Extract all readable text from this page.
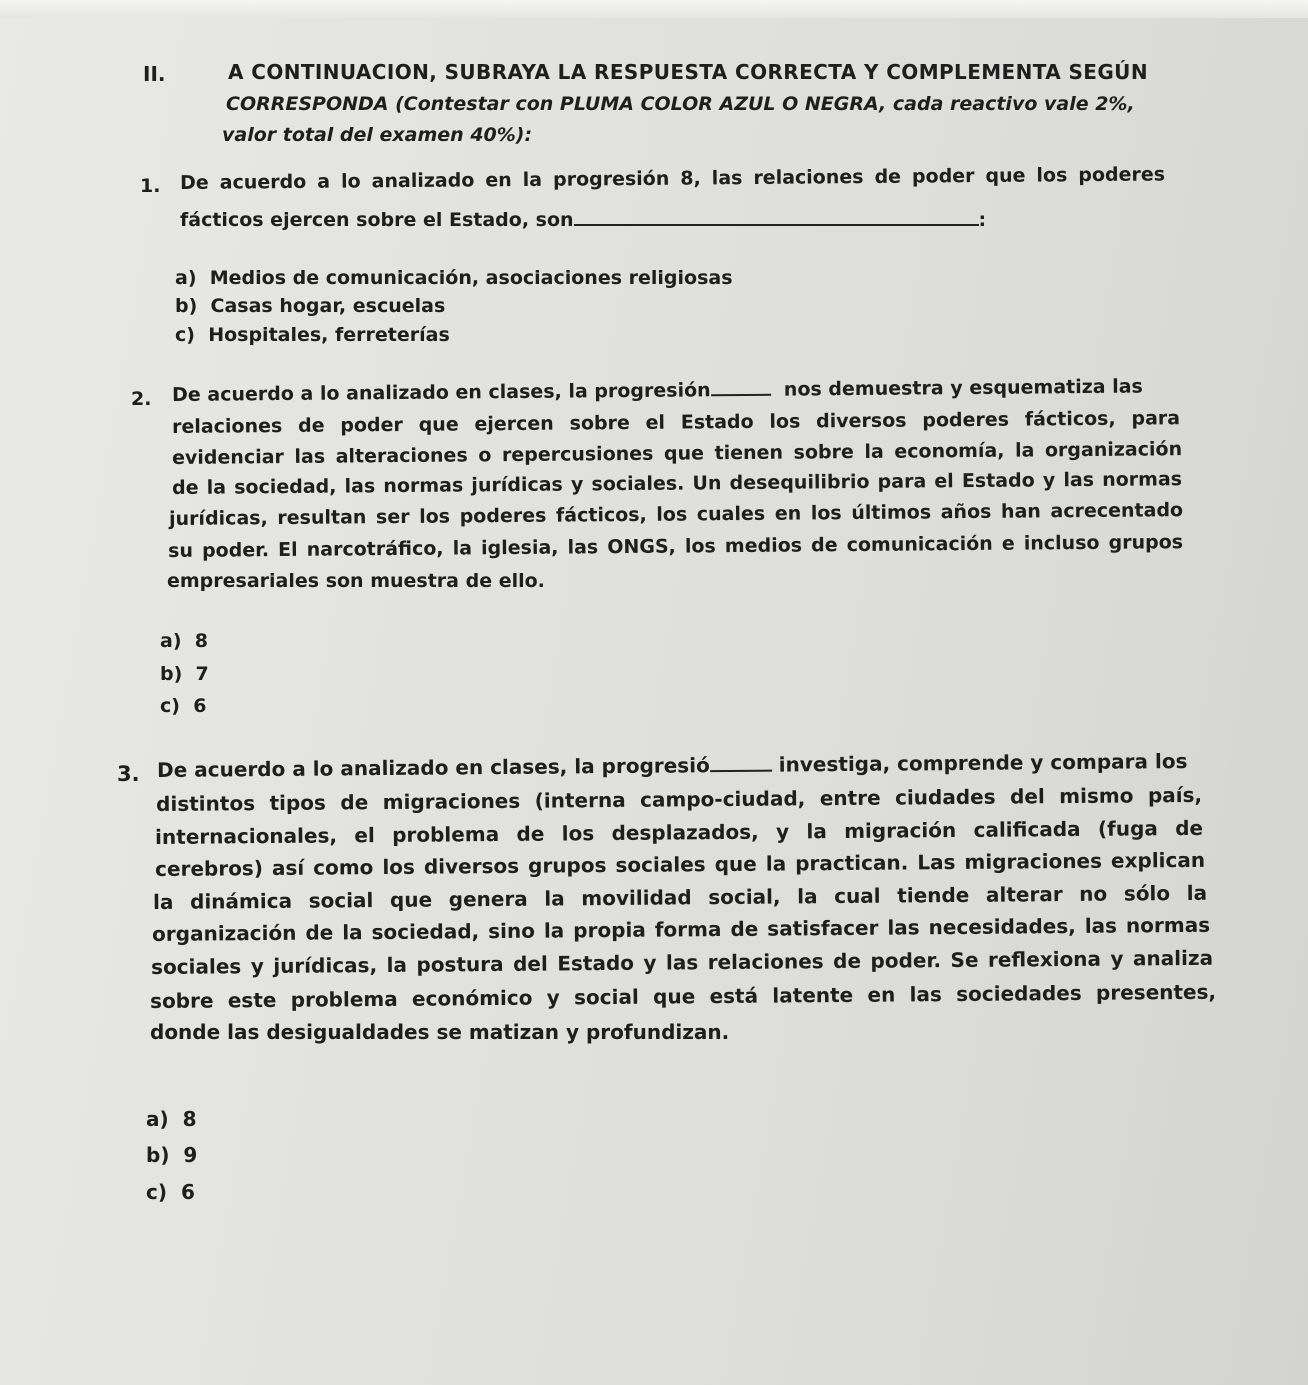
II.	A CONTINUACION, SUBRAYA LA RESPUESTA CORRECTA Y COMPLEMENTA SEGÚN
CORRESPONDA (Contestar con PLUMA COLOR AZUL O NEGRA, cada reactivo vale 2%,
valor total del examen 40%):
1. De acuerdo a lo analizado en la progresión 8, las relaciones de poder que los poderes
fácticos ejercen sobre el Estado, son	:
a) Medios de comunicación, asociaciones religiosas
b) Casas hogar, escuelas
c) Hospitales, ferreterías
2. De acuerdo a lo analizado en clases, la progresión	nos demuestra y esquematiza las
relaciones de poder que ejercen sobre el Estado los diversos poderes fácticos, para
evidenciar las alteraciones o repercusiones que tienen sobre la economía, la organización
de la sociedad, las normas jurídicas y sociales. Un desequilibrio para el Estado y las normas
jurídicas, resultan ser los poderes fácticos, los cuales en los últimos años han acrecentado
su poder. El narcotráfico, la iglesia, las ONGS, los medios de comunicación e incluso grupos
empresariales son muestra de ello.
a) 8
b) 7
c) 6
3. De acuerdo a lo analizado en clases, la progresió	investiga, comprende y compara los
distintos tipos de migraciones (interna campo-ciudad, entre ciudades del mismo país,
internacionales, el problema de los desplazados, y la migración calificada (fuga de
cerebros) así como los diversos grupos sociales que la practican. Las migraciones explican
la dinámica social que genera la movilidad social, la cual tiende alterar no sólo la
organización de la sociedad, sino la propia forma de satisfacer las necesidades, las normas
sociales y jurídicas, la postura del Estado y las relaciones de poder. Se reflexiona y analiza
sobre este problema económico y social que está latente en las sociedades presentes,
donde las desigualdades se matizan y profundizan.
a) 8
b) 9
c) 6
